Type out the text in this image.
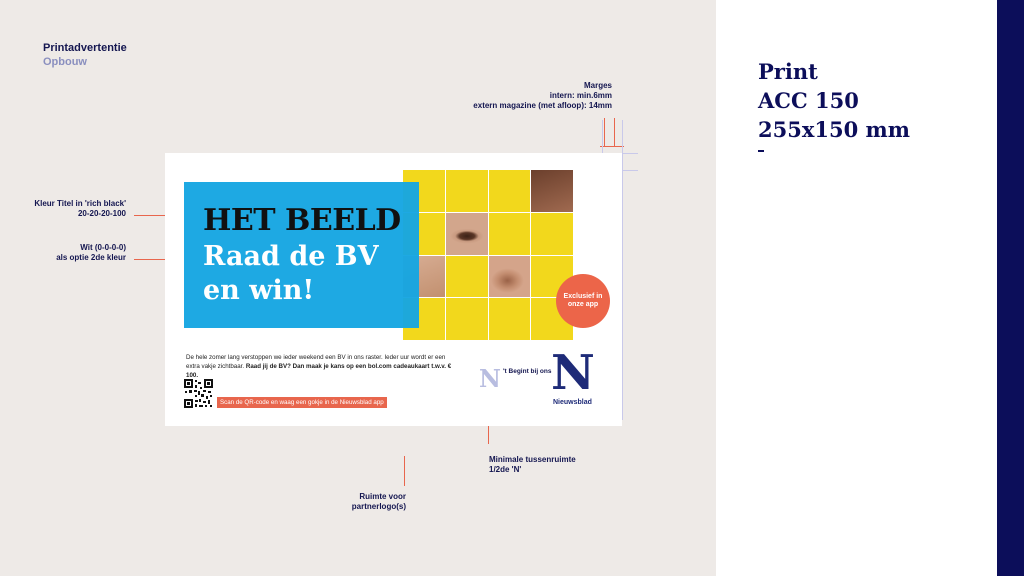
Printadvertentie
Opbouw	Print
ACC 150
255x150 mm
Marges
intern: min.6mm
extern magazine (met afloop): 14mm
Kleur Titel in 'rich black'
20-20-20-100
Wit (0-0-0-0)
als optie 2de kleur
Minimale tussenruimte
1/2de 'N'
Ruimte voor
partnerlogo(s)
HET BEELD
Raad de BV en win!	Exclusief in onze app
De hele zomer lang verstoppen we ieder weekend een BV in ons raster. Ieder uur wordt er een extra vakje zichtbaar. Raad jij de BV? Dan maak je kans op een bol.com cadeaukaart t.w.v. € 100.
Scan de QR-code en waag een gokje in de Nieuwsblad app
N 't Begint bij ons N
Nieuwsblad
